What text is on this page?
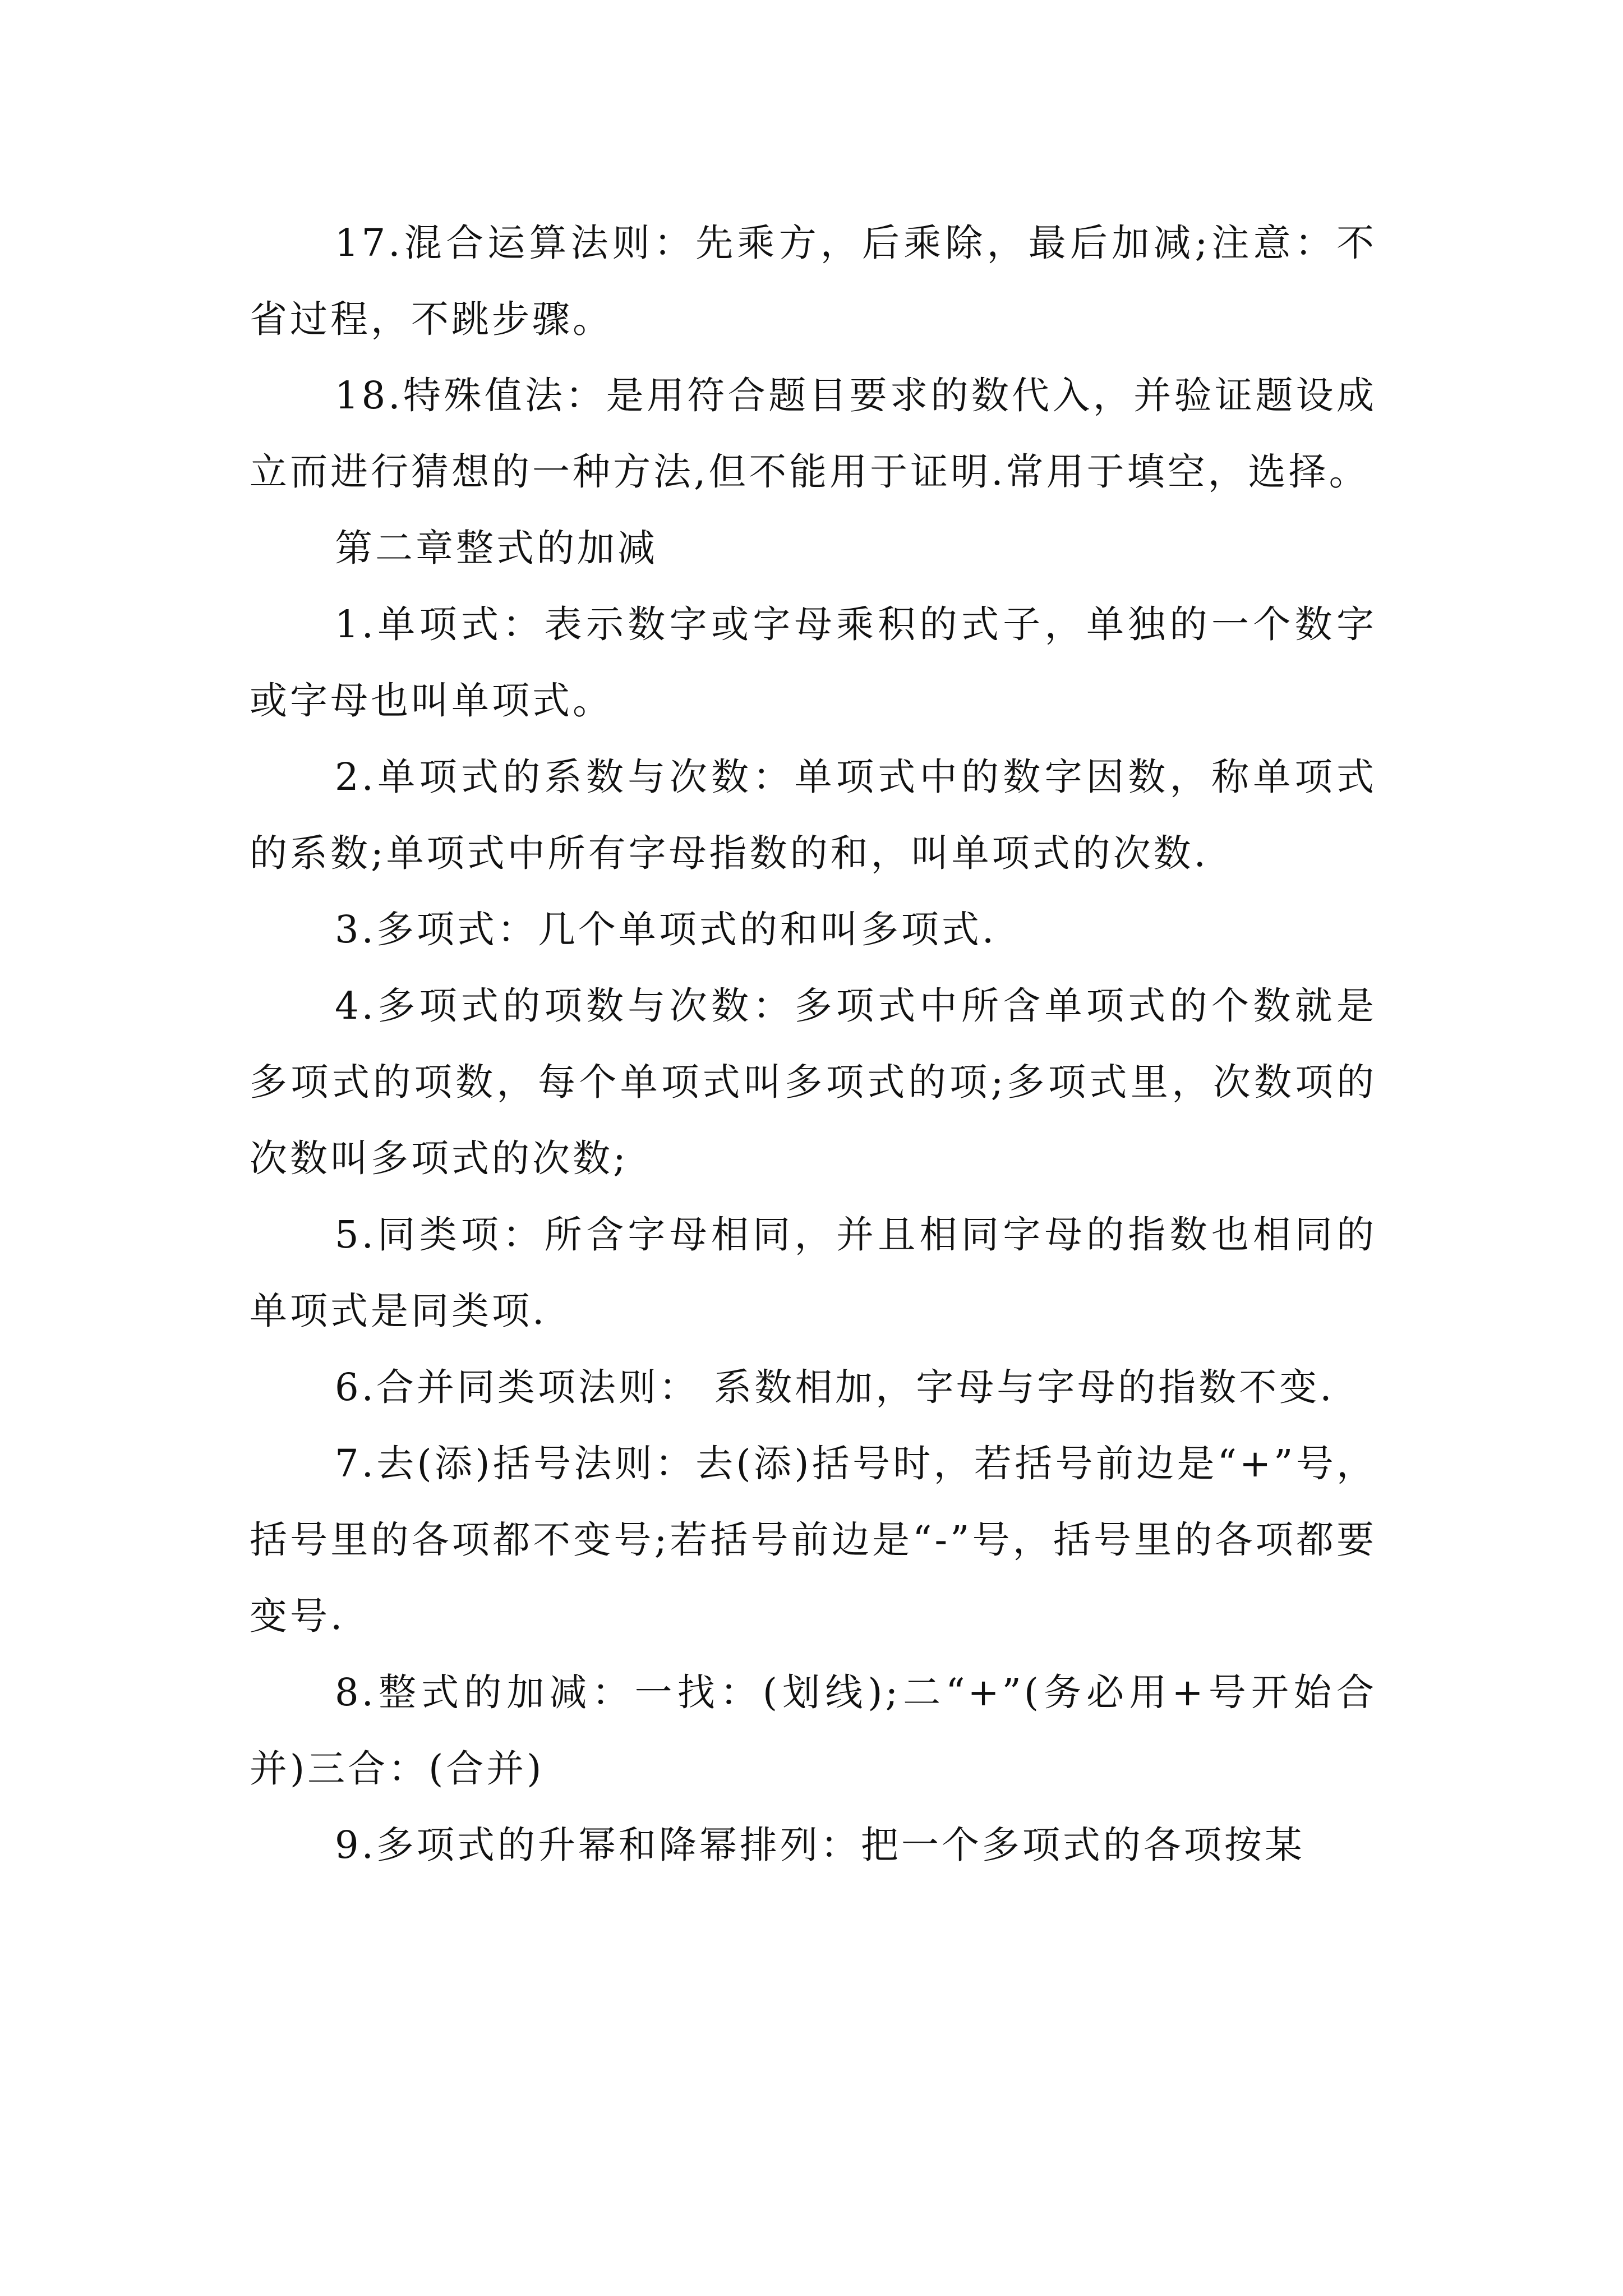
17.混合运算法则：先乘方，后乘除，最后加减;注意：不省过程，不跳步骤。

18.特殊值法：是用符合题目要求的数代入，并验证题设成立而进行猜想的一种方法,但不能用于证明.常用于填空，选择。

第二章整式的加减

1.单项式：表示数字或字母乘积的式子，单独的一个数字或字母也叫单项式。

2.单项式的系数与次数：单项式中的数字因数，称单项式的系数;单项式中所有字母指数的和，叫单项式的次数.

3.多项式：几个单项式的和叫多项式.

4.多项式的项数与次数：多项式中所含单项式的个数就是多项式的项数，每个单项式叫多项式的项;多项式里，次数项的次数叫多项式的次数;

5.同类项：所含字母相同，并且相同字母的指数也相同的单项式是同类项.

6.合并同类项法则： 系数相加，字母与字母的指数不变.

7.去(添)括号法则：去(添)括号时，若括号前边是“+”号，括号里的各项都不变号;若括号前边是“-”号，括号里的各项都要变号.

8.整式的加减：一找：(划线);二“+”(务必用+号开始合并)三合：(合并)

9.多项式的升幂和降幂排列：把一个多项式的各项按某
